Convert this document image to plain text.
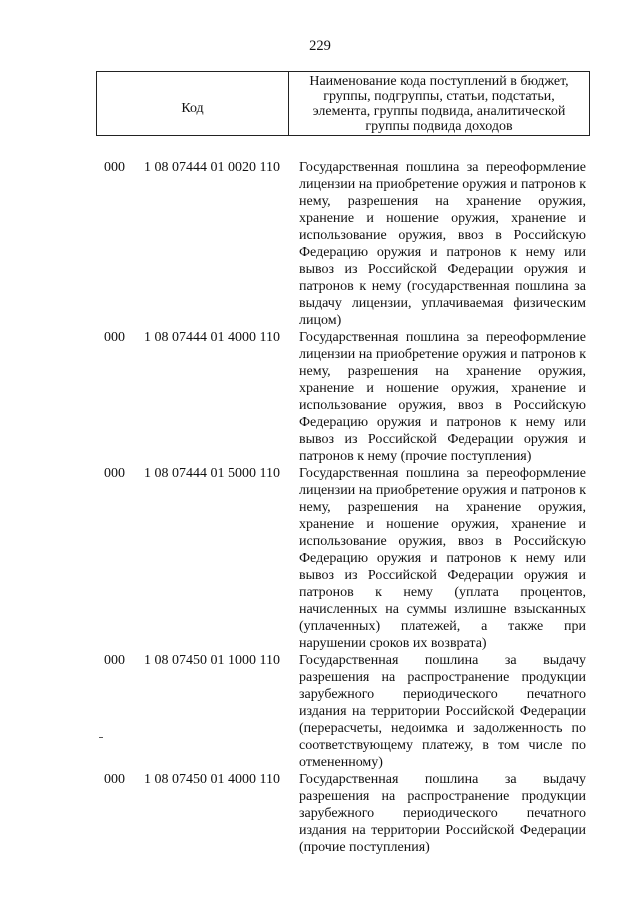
229
Код
Наименование кода поступлений в бюджет, группы, подгруппы, статьи, подстатьи, элемента, группы подвида, аналитической группы подвида доходов
000 1 08 07444 01 0020 110 Государственная пошлина за переоформление лицензии на приобретение оружия и патронов к нему, разрешения на хранение оружия, хранение и ношение оружия, хранение и использование оружия, ввоз в Российскую Федерацию оружия и патронов к нему или вывоз из Российской Федерации оружия и патронов к нему (государственная пошлина за выдачу лицензии, уплачиваемая физическим лицом)
000 1 08 07444 01 4000 110 Государственная пошлина за переоформление лицензии на приобретение оружия и патронов к нему, разрешения на хранение оружия, хранение и ношение оружия, хранение и использование оружия, ввоз в Российскую Федерацию оружия и патронов к нему или вывоз из Российской Федерации оружия и патронов к нему (прочие поступления)
000 1 08 07444 01 5000 110 Государственная пошлина за переоформление лицензии на приобретение оружия и патронов к нему, разрешения на хранение оружия, хранение и ношение оружия, хранение и использование оружия, ввоз в Российскую Федерацию оружия и патронов к нему или вывоз из Российской Федерации оружия и патронов к нему (уплата процентов, начисленных на суммы излишне взысканных (уплаченных) платежей, а также при нарушении сроков их возврата)
000 1 08 07450 01 1000 110 Государственная пошлина за выдачу разрешения на распространение продукции зарубежного периодического печатного издания на территории Российской Федерации (перерасчеты, недоимка и задолженность по соответствующему платежу, в том числе по отмененному)
000 1 08 07450 01 4000 110 Государственная пошлина за выдачу разрешения на распространение продукции зарубежного периодического печатного издания на территории Российской Федерации (прочие поступления)
